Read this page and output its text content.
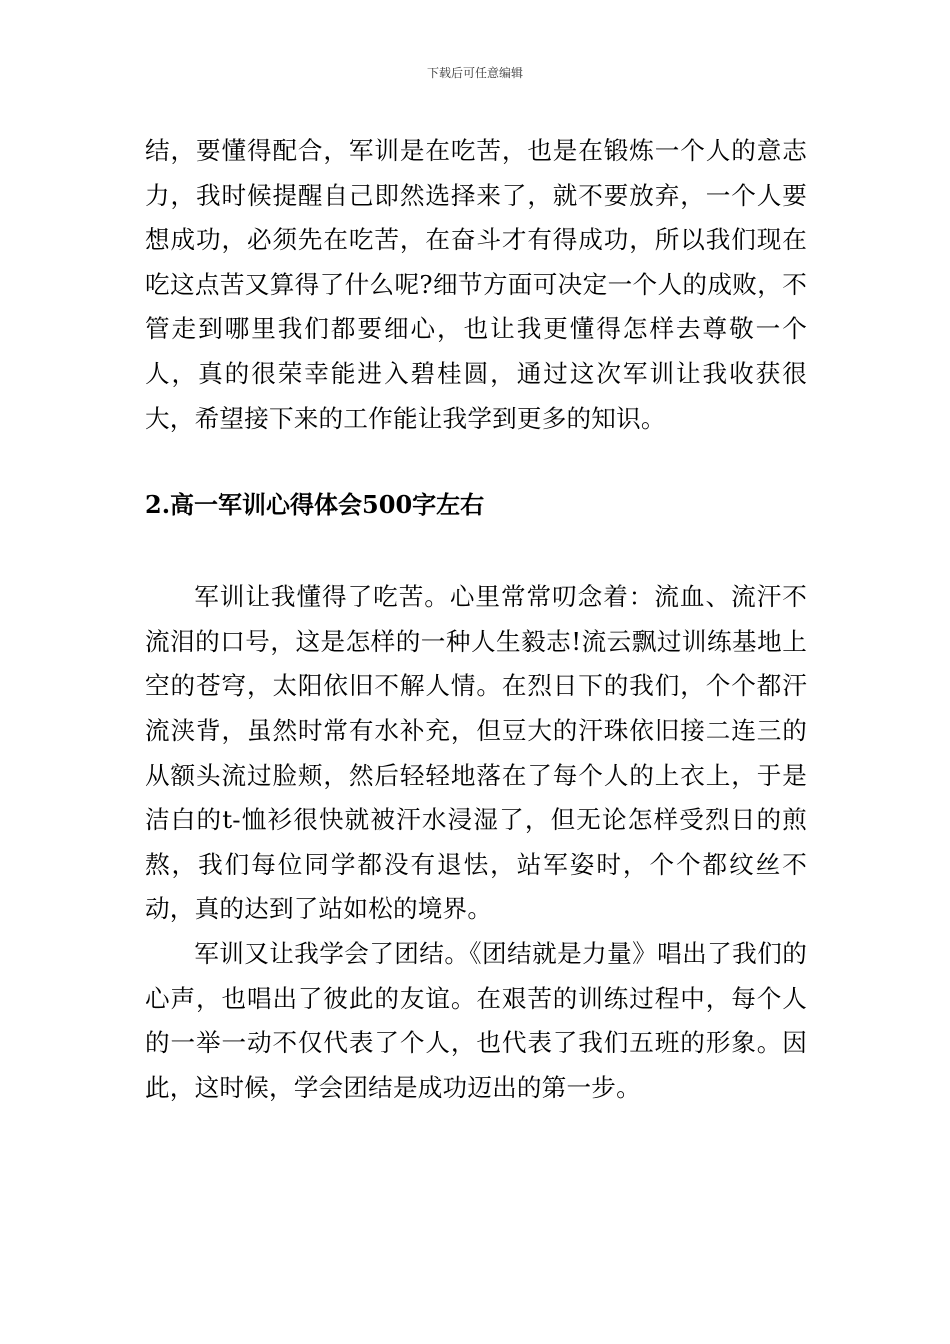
下载后可任意编辑

结，要懂得配合，军训是在吃苦，也是在锻炼一个人的意志力，我时候提醒自己即然选择来了，就不要放弃，一个人要想成功，必须先在吃苦，在奋斗才有得成功，所以我们现在吃这点苦又算得了什么呢?细节方面可决定一个人的成败，不管走到哪里我们都要细心，也让我更懂得怎样去尊敬一个人，真的很荣幸能进入碧桂圆，通过这次军训让我收获很大，希望接下来的工作能让我学到更多的知识。

2.高一军训心得体会500字左右

军训让我懂得了吃苦。心里常常叨念着：流血、流汗不流泪的口号，这是怎样的一种人生毅志!流云飘过训练基地上空的苍穹，太阳依旧不解人情。在烈日下的我们，个个都汗流浃背，虽然时常有水补充，但豆大的汗珠依旧接二连三的从额头流过脸颊，然后轻轻地落在了每个人的上衣上，于是洁白的t-恤衫很快就被汗水浸湿了，但无论怎样受烈日的煎熬，我们每位同学都没有退怯，站军姿时，个个都纹丝不动，真的达到了站如松的境界。

军训又让我学会了团结。《团结就是力量》唱出了我们的心声，也唱出了彼此的友谊。在艰苦的训练过程中，每个人的一举一动不仅代表了个人，也代表了我们五班的形象。因此，这时候，学会团结是成功迈出的第一步。
